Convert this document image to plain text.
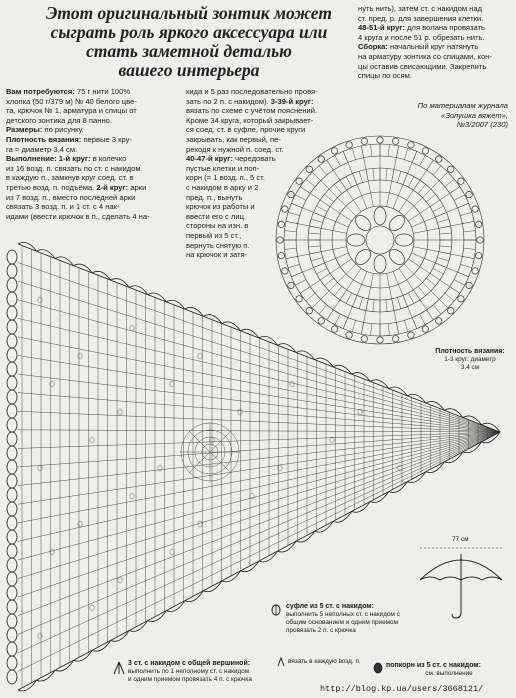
Этот оригинальный зонтик может
сыграть роль яркого аксессуара или
стать заметной деталью
вашего интерьера
нуть нить), затем ст. с накидом над
ст. пред. р. для завершения клетки.
48-51-й круг: для волана провязать
4 круга и после 51 р. обрезать нить.
Сборка: начальный круг натянуть
на арматуру зонтика со спицами, кон-
цы оставив свисающими. Закрепить
спицы по осям.
По материалам журнала
«Золушка вяжет»,
№3/2007 (230)
Вам потребуются: 75 г нити 100%
хлопка (50 г/379 м) № 40 белого цве-
та, крючок № 1, арматура и спицы от
детского зонтика для 8 панно.
Размеры: по рисунку.
Плотность вязания: первые 3 кру-
га = диаметр 3,4 см.
Выполнение: 1-й круг: в колечко
из 16 возд. п. связать по ст. с накидом
в каждую п., замкнув круг соед. ст. в
третью возд. п. подъёма. 2-й круг: арки
из 7 возд. п., вместо последней арки
связать 3 возд. п. и 1 ст. с 4 нак-
идами (ввести крючок в п., сделать 4 на-
кида и 5 раз последовательно провя-
зать по 2 п. с накидом). 3-39-й круг:
вязать по схеме с учётом пояснений.
Кроме 34 круга, который закрывает-
ся соед. ст. в суфле, прочие круги
закрывать, как первый, пе-
реходя к нужной п. соед. ст.
40-47-й круг: чередовать
пустые клетки и поп-
корн (= 1 возд. п., 5 ст.
с накидом в арку и 2
пред. п., вынуть
крючок из работы и
ввести его с лиц.
стороны на изн. в
первый из 5 ст.,
вернуть снятую п.
на крючок и затя-
Плотность вязания:
1-3 круг: диаметр
3,4 см
77 см
суфле из 5 ст. с накидом:
выполнить 5 неполных ст. с накидом с
общим основанием и одним приемом
провязать 2 п. с крючка
3 ст. с накидом с общей вершиной:
выполнить по 1 неполному ст. с накидом
и одним приемом провязать 4 п. с крючка
вязать в каждую возд. п.
попкорн из 5 ст. с накидом:
см. выполнение
http://blog.kp.ua/users/3668121/
